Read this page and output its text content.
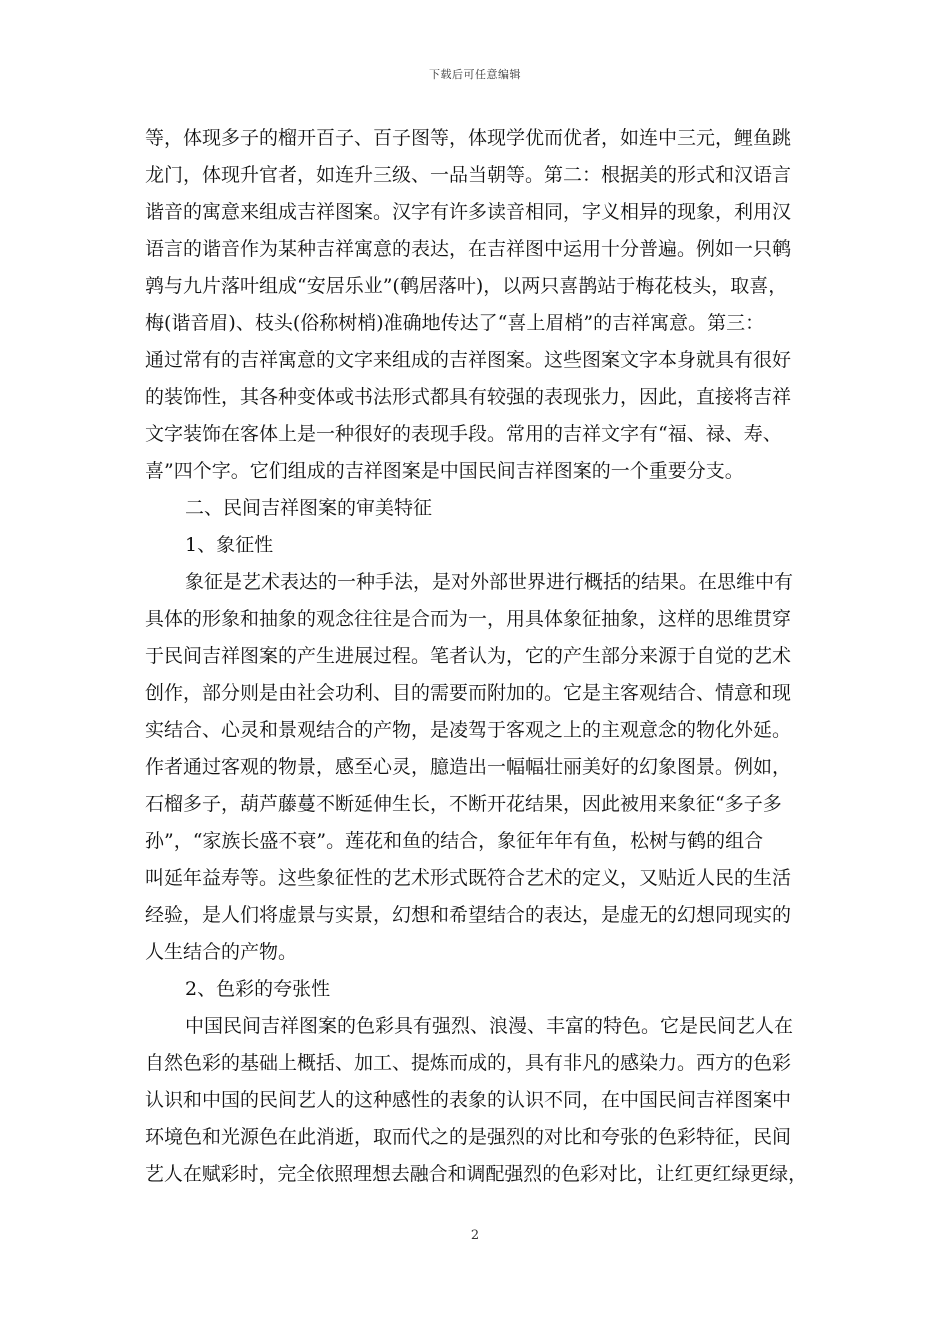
下载后可任意编辑
等，体现多子的榴开百子、百子图等，体现学优而优者，如连中三元，鲤鱼跳
龙门，体现升官者，如连升三级、一品当朝等。第二：根据美的形式和汉语言
谐音的寓意来组成吉祥图案。汉字有许多读音相同，字义相异的现象，利用汉
语言的谐音作为某种吉祥寓意的表达，在吉祥图中运用十分普遍。例如一只鹌
鹑与九片落叶组成“安居乐业”(鹌居落叶)，以两只喜鹊站于梅花枝头，取喜，
梅(谐音眉)、枝头(俗称树梢)准确地传达了“喜上眉梢”的吉祥寓意。第三：
通过常有的吉祥寓意的文字来组成的吉祥图案。这些图案文字本身就具有很好
的装饰性，其各种变体或书法形式都具有较强的表现张力，因此，直接将吉祥
文字装饰在客体上是一种很好的表现手段。常用的吉祥文字有“福、禄、寿、
喜”四个字。它们组成的吉祥图案是中国民间吉祥图案的一个重要分支。
二、民间吉祥图案的审美特征
1、象征性
象征是艺术表达的一种手法，是对外部世界进行概括的结果。在思维中有
具体的形象和抽象的观念往往是合而为一，用具体象征抽象，这样的思维贯穿
于民间吉祥图案的产生进展过程。笔者认为，它的产生部分来源于自觉的艺术
创作，部分则是由社会功利、目的需要而附加的。它是主客观结合、情意和现
实结合、心灵和景观结合的产物，是凌驾于客观之上的主观意念的物化外延。
作者通过客观的物景，感至心灵，臆造出一幅幅壮丽美好的幻象图景。例如，
石榴多子，葫芦藤蔓不断延伸生长，不断开花结果，因此被用来象征“多子多
孙”，“家族长盛不衰”。莲花和鱼的结合，象征年年有鱼，松树与鹤的组合
叫延年益寿等。这些象征性的艺术形式既符合艺术的定义，又贴近人民的生活
经验，是人们将虚景与实景，幻想和希望结合的表达，是虚无的幻想同现实的
人生结合的产物。
2、色彩的夸张性
中国民间吉祥图案的色彩具有强烈、浪漫、丰富的特色。它是民间艺人在
自然色彩的基础上概括、加工、提炼而成的，具有非凡的感染力。西方的色彩
认识和中国的民间艺人的这种感性的表象的认识不同，在中国民间吉祥图案中
环境色和光源色在此消逝，取而代之的是强烈的对比和夸张的色彩特征，民间
艺人在赋彩时，完全依照理想去融合和调配强烈的色彩对比，让红更红绿更绿，
2
